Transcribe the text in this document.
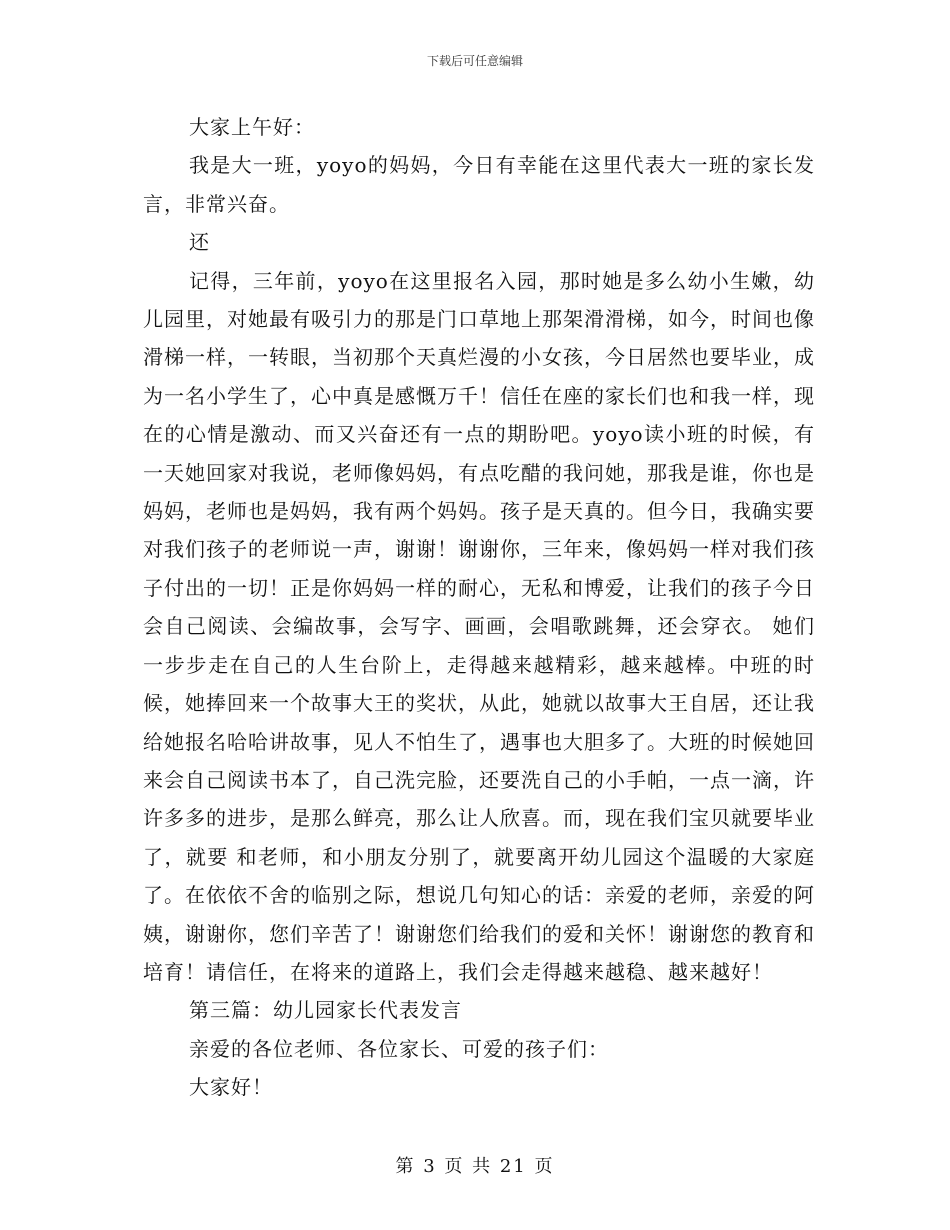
下载后可任意编辑

大家上午好：

我是大一班，yoyo的妈妈，今日有幸能在这里代表大一班的家长发言，非常兴奋。

还

记得，三年前，yoyo在这里报名入园，那时她是多么幼小生嫩，幼儿园里，对她最有吸引力的那是门口草地上那架滑滑梯，如今，时间也像滑梯一样，一转眼，当初那个天真烂漫的小女孩，今日居然也要毕业，成为一名小学生了，心中真是感慨万千！信任在座的家长们也和我一样，现在的心情是激动、而又兴奋还有一点的期盼吧。yoyo读小班的时候，有一天她回家对我说，老师像妈妈，有点吃醋的我问她，那我是谁，你也是妈妈，老师也是妈妈，我有两个妈妈。孩子是天真的。但今日，我确实要对我们孩子的老师说一声，谢谢！谢谢你，三年来，像妈妈一样对我们孩子付出的一切！正是你妈妈一样的耐心，无私和博爱，让我们的孩子今日会自己阅读、会编故事，会写字、画画，会唱歌跳舞，还会穿衣。 她们一步步走在自己的人生台阶上，走得越来越精彩，越来越棒。中班的时候，她捧回来一个故事大王的奖状，从此，她就以故事大王自居，还让我给她报名哈哈讲故事，见人不怕生了，遇事也大胆多了。大班的时候她回来会自己阅读书本了，自己洗完脸，还要洗自己的小手帕，一点一滴，许许多多的进步，是那么鲜亮，那么让人欣喜。而，现在我们宝贝就要毕业了，就要 和老师，和小朋友分别了，就要离开幼儿园这个温暖的大家庭了。在依依不舍的临别之际，想说几句知心的话：亲爱的老师，亲爱的阿姨，谢谢你，您们辛苦了！谢谢您们给我们的爱和关怀！谢谢您的教育和培育！请信任，在将来的道路上，我们会走得越来越稳、越来越好！

第三篇：幼儿园家长代表发言

亲爱的各位老师、各位家长、可爱的孩子们：

大家好！

第 3 页 共 21 页
